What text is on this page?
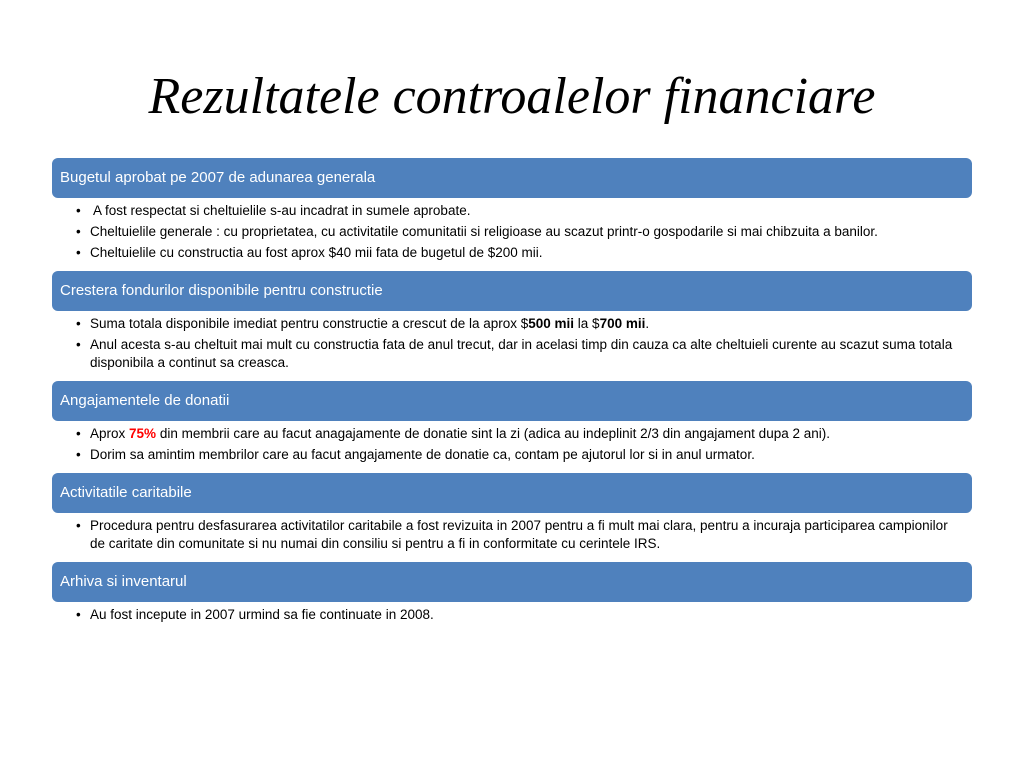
Rezultatele controalelor financiare
Bugetul aprobat pe 2007 de adunarea generala

• A fost respectat si cheltuielile s-au incadrat in sumele aprobate.

• Cheltuielile generale : cu proprietatea, cu activitatile comunitatii si religioase au scazut printr-o gospodarile si mai chibzuita a banilor.

• Cheltuielile cu constructia au fost aprox $40 mii fata de bugetul de $200 mii.

Crestera fondurilor disponibile pentru constructie

• Suma totala disponibile imediat pentru constructie a crescut de la aprox $500 mii la $700 mii.

• Anul acesta s-au cheltuit mai mult cu constructia fata de anul trecut, dar in acelasi timp din cauza ca alte cheltuieli curente au scazut suma totala disponibila a continut sa creasca.

Angajamentele de donatii

• Aprox 75% din membrii care au facut anagajamente de donatie sint la zi (adica au indeplinit 2/3 din angajament dupa 2 ani).

• Dorim sa amintim membrilor care au facut angajamente de donatie ca, contam pe ajutorul lor si in anul urmator.

Activitatile caritabile

• Procedura pentru desfasurarea activitatilor caritabile a fost revizuita in 2007 pentru a fi mult mai clara, pentru a incuraja participarea campionilor de caritate din comunitate si nu numai din consiliu si pentru a fi in conformitate cu cerintele IRS.

Arhiva si inventarul

• Au fost incepute in 2007 urmind sa fie continuate in 2008.
